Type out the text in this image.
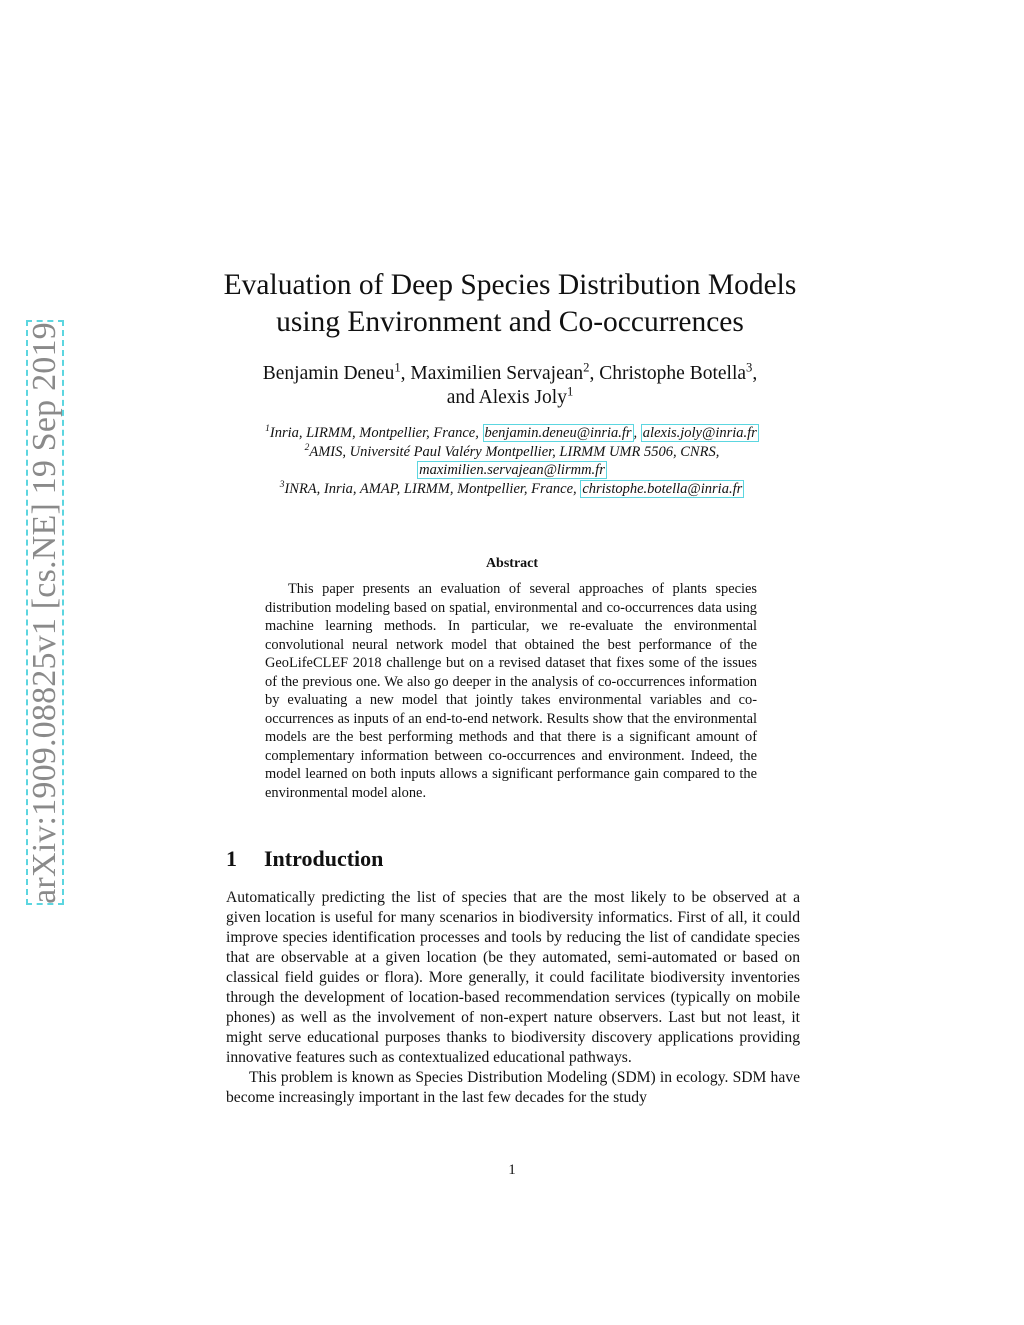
arXiv:1909.08825v1 [cs.NE] 19 Sep 2019
Evaluation of Deep Species Distribution Models
using Environment and Co-occurrences
Benjamin Deneu$^1$, Maximilien Servajean$^2$, Christophe Botella$^3$,
and Alexis Joly$^1$
$^1$Inria, LIRMM, Montpellier, France, benjamin.deneu@inria.fr , alexis.joly@inria.fr
$^2$AMIS, Université Paul Valéry Montpellier, LIRMM UMR 5506, CNRS,
maximilien.servajean@lirmm.fr
$^3$INRA, Inria, AMAP, LIRMM, Montpellier, France, christophe.botella@inria.fr
Abstract

This paper presents an evaluation of several approaches of plants species distribution modeling based on spatial, environmental and co-occurrences data using machine learning methods. In particular, we re-evaluate the environmental convolutional neural network model that obtained the best performance of the GeoLifeCLEF 2018 challenge but on a revised dataset that fixes some of the issues of the previous one. We also go deeper in the analysis of co-occurrences information by evaluating a new model that jointly takes environmental variables and co-occurrences as inputs of an end-to-end network. Results show that the environmental models are the best performing methods and that there is a significant amount of complementary information between co-occurrences and environment. Indeed, the model learned on both inputs allows a significant performance gain compared to the environmental model alone.

1 Introduction

Automatically predicting the list of species that are the most likely to be observed at a given location is useful for many scenarios in biodiversity informatics. First of all, it could improve species identification processes and tools by reducing the list of candidate species that are observable at a given location (be they automated, semi-automated or based on classical field guides or flora). More generally, it could facilitate biodiversity inventories through the development of location-based recommendation services (typically on mobile phones) as well as the involvement of non-expert nature observers. Last but not least, it might serve educational purposes thanks to biodiversity discovery applications providing innovative features such as contextualized educational pathways.

This problem is known as Species Distribution Modeling (SDM) in ecology. SDM have become increasingly important in the last few decades for the study

1
